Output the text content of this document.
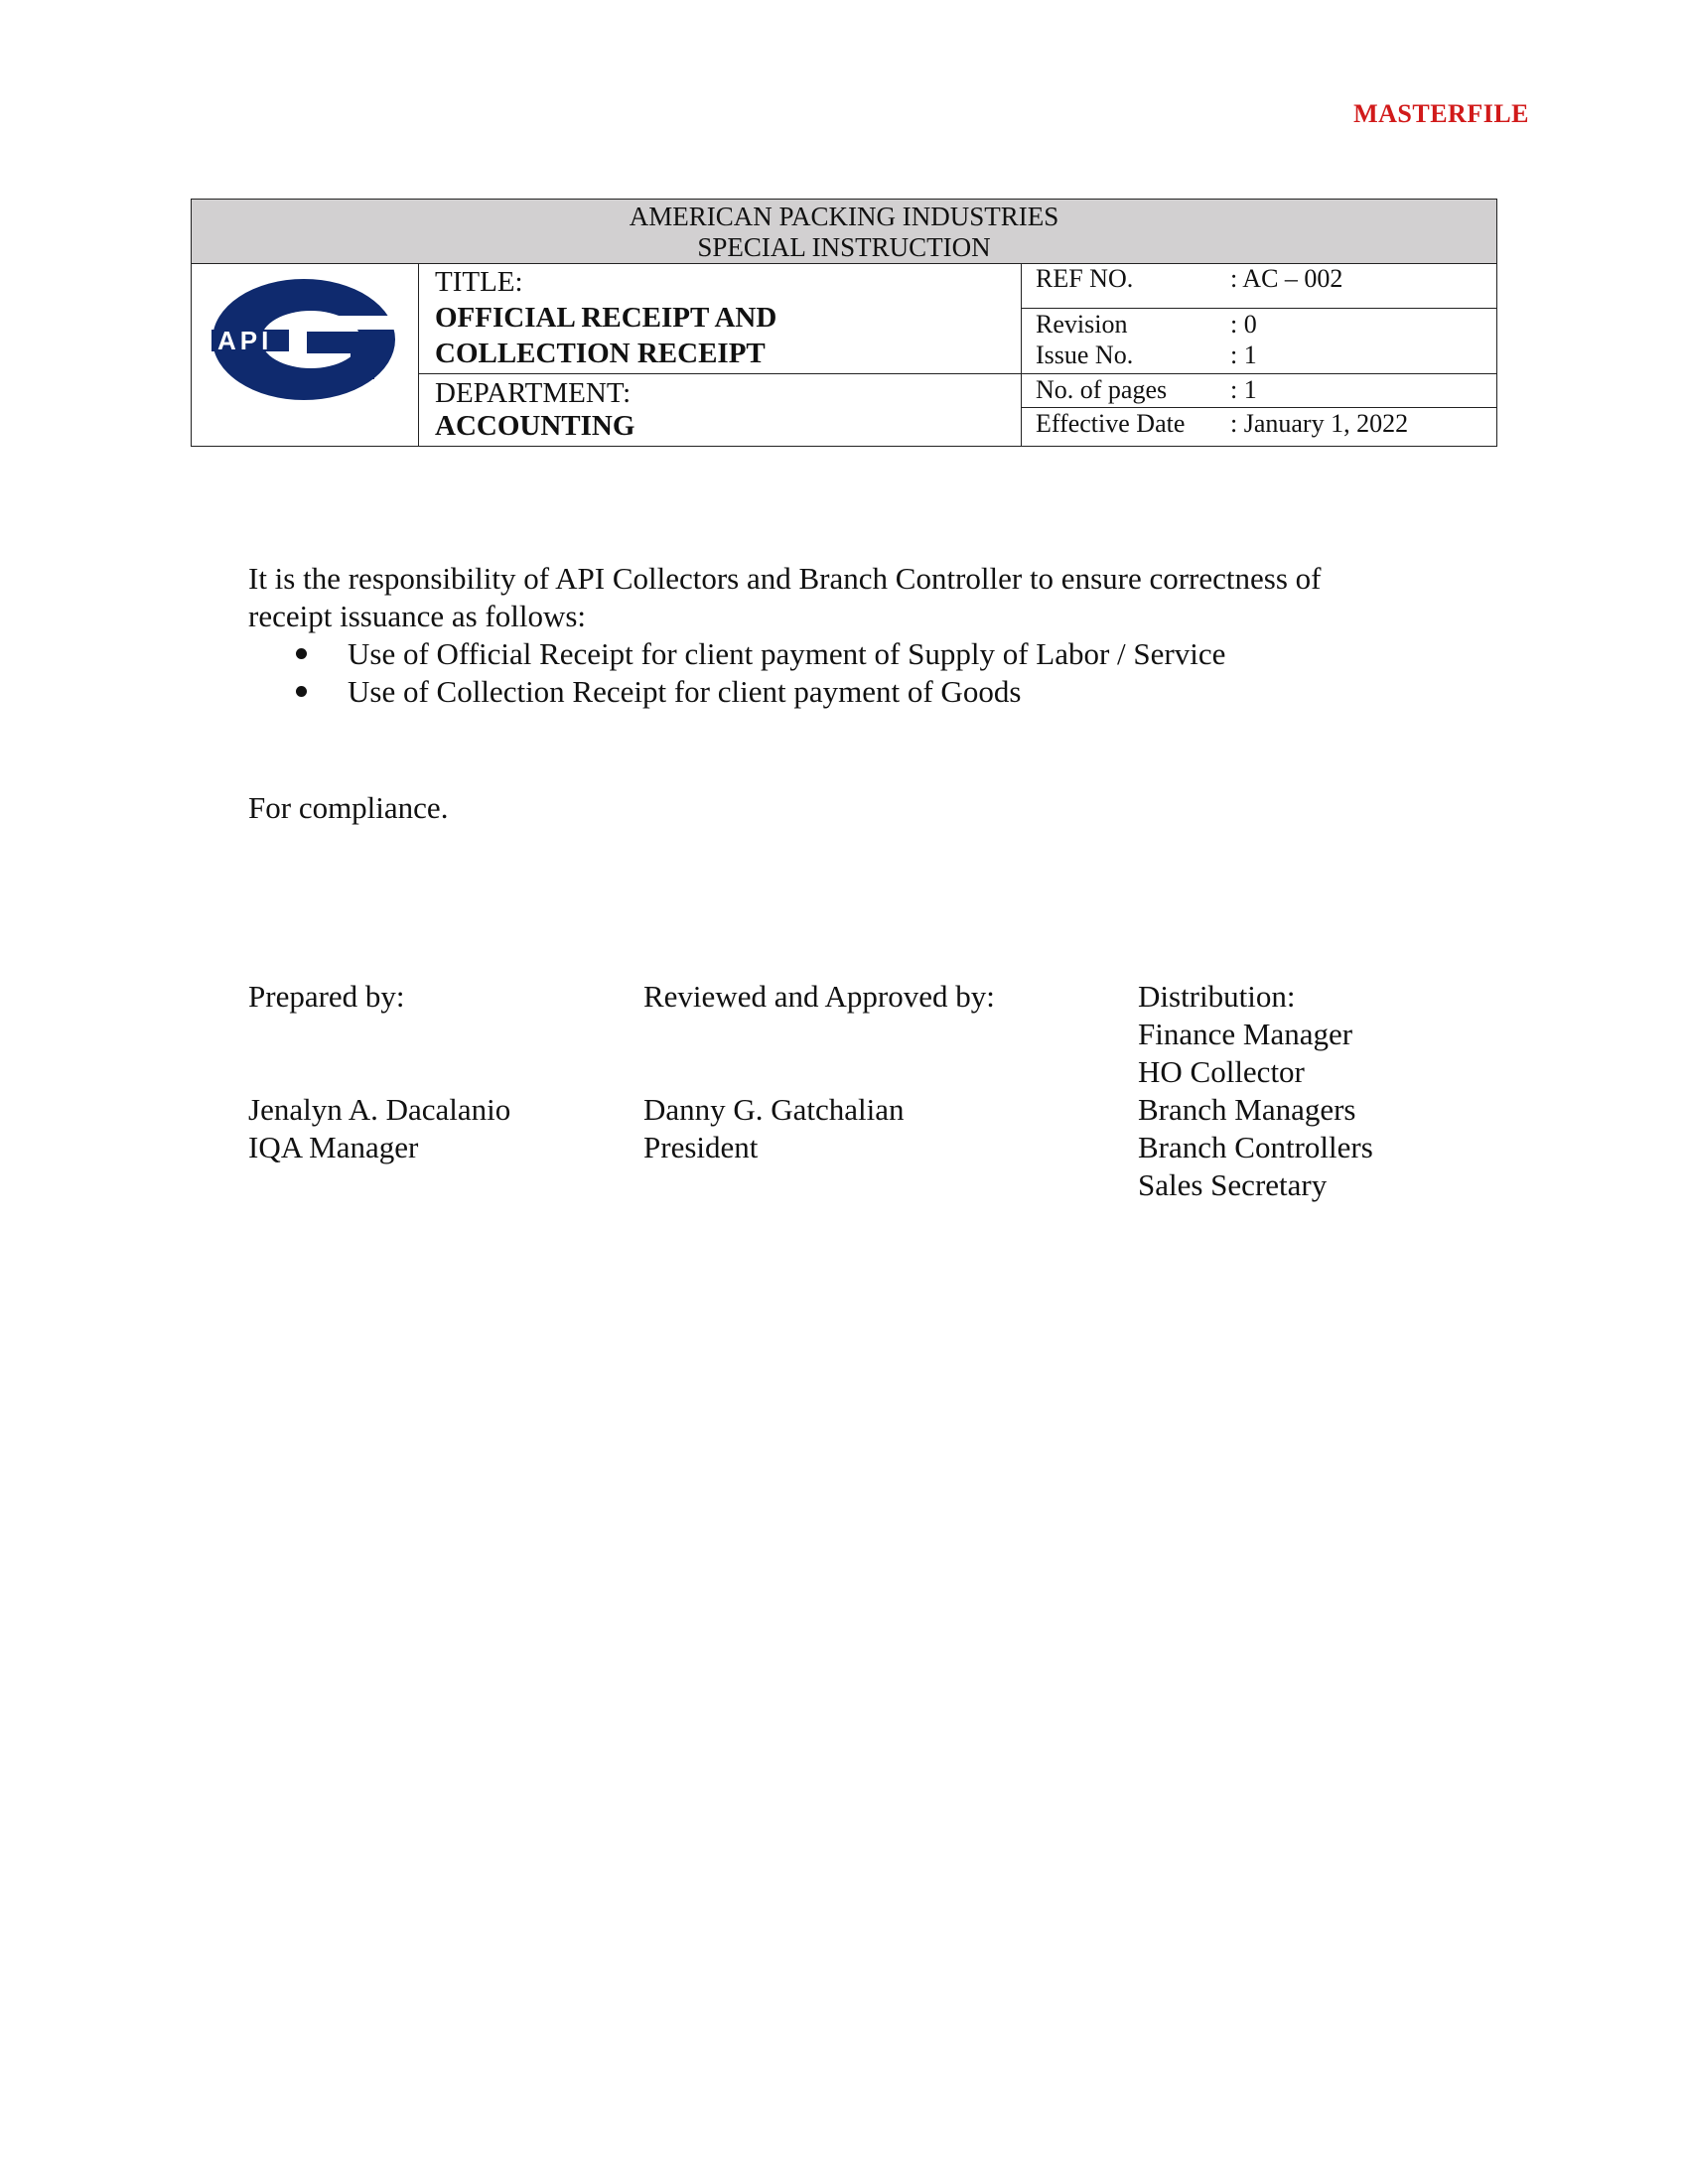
MASTERFILE
AMERICAN PACKING INDUSTRIES
SPECIAL INSTRUCTION
API
TITLE:
OFFICIAL RECEIPT AND
COLLECTION RECEIPT
DEPARTMENT:
ACCOUNTING
REF NO.	: AC – 002
Revision	: 0
Issue No.	: 1
No. of pages : 1
Effective Date : January 1, 2022
It is the responsibility of API Collectors and Branch Controller to ensure correctness of
receipt issuance as follows:
Use of Official Receipt for client payment of Supply of Labor / Service
Use of Collection Receipt for client payment of Goods
For compliance.
Prepared by:
Jenalyn A. Dacalanio
IQA Manager
Reviewed and Approved by:
Danny G. Gatchalian
President
Distribution:
Finance Manager
HO Collector
Branch Managers
Branch Controllers
Sales Secretary
